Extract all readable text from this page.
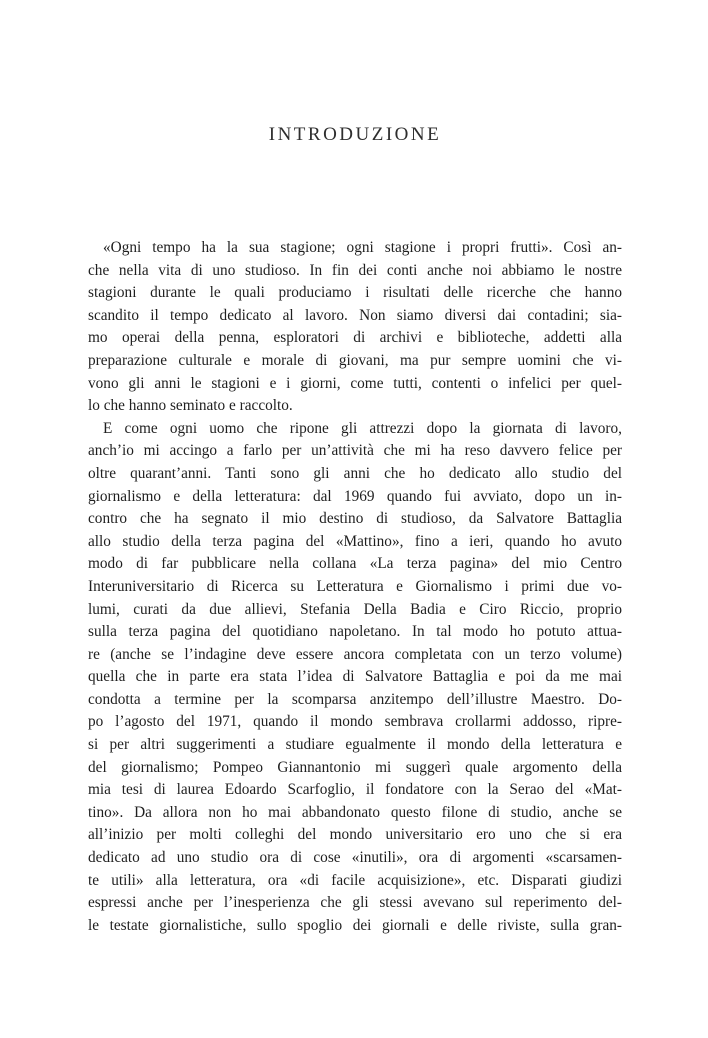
INTRODUZIONE
«Ogni tempo ha la sua stagione; ogni stagione i propri frutti». Così an-
che nella vita di uno studioso. In fin dei conti anche noi abbiamo le nostre
stagioni durante le quali produciamo i risultati delle ricerche che hanno
scandito il tempo dedicato al lavoro. Non siamo diversi dai contadini; sia-
mo operai della penna, esploratori di archivi e biblioteche, addetti alla
preparazione culturale e morale di giovani, ma pur sempre uomini che vi-
vono gli anni le stagioni e i giorni, come tutti, contenti o infelici per quel-
lo che hanno seminato e raccolto.
E come ogni uomo che ripone gli attrezzi dopo la giornata di lavoro,
anch’io mi accingo a farlo per un’attività che mi ha reso davvero felice per
oltre quarant’anni. Tanti sono gli anni che ho dedicato allo studio del
giornalismo e della letteratura: dal 1969 quando fui avviato, dopo un in-
contro che ha segnato il mio destino di studioso, da Salvatore Battaglia
allo studio della terza pagina del «Mattino», fino a ieri, quando ho avuto
modo di far pubblicare nella collana «La terza pagina» del mio Centro
Interuniversitario di Ricerca su Letteratura e Giornalismo i primi due vo-
lumi, curati da due allievi, Stefania Della Badia e Ciro Riccio, proprio
sulla terza pagina del quotidiano napoletano. In tal modo ho potuto attua-
re (anche se l’indagine deve essere ancora completata con un terzo volume)
quella che in parte era stata l’idea di Salvatore Battaglia e poi da me mai
condotta a termine per la scomparsa anzitempo dell’illustre Maestro. Do-
po l’agosto del 1971, quando il mondo sembrava crollarmi addosso, ripre-
si per altri suggerimenti a studiare egualmente il mondo della letteratura e
del giornalismo; Pompeo Giannantonio mi suggerì quale argomento della
mia tesi di laurea Edoardo Scarfoglio, il fondatore con la Serao del «Mat-
tino». Da allora non ho mai abbandonato questo filone di studio, anche se
all’inizio per molti colleghi del mondo universitario ero uno che si era
dedicato ad uno studio ora di cose «inutili», ora di argomenti «scarsamen-
te utili» alla letteratura, ora «di facile acquisizione», etc. Disparati giudizi
espressi anche per l’inesperienza che gli stessi avevano sul reperimento del-
le testate giornalistiche, sullo spoglio dei giornali e delle riviste, sulla gran-
